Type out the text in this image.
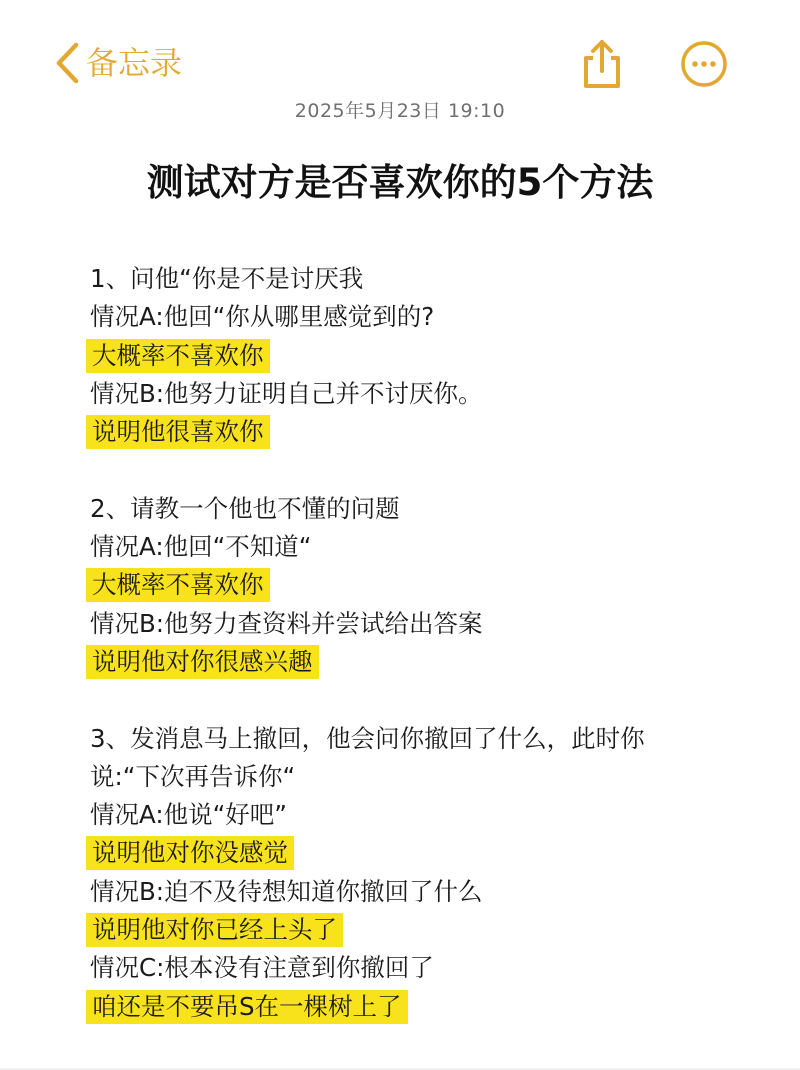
备忘录
2025年5月23日 19:10
测试对方是否喜欢你的5个方法
1、问他“你是不是讨厌我
情况A:他回“你从哪里感觉到的?
大概率不喜欢你
情况B:他努力证明自己并不讨厌你。
说明他很喜欢你
2、请教一个他也不懂的问题
情况A:他回“不知道“
大概率不喜欢你
情况B:他努力查资料并尝试给出答案
说明他对你很感兴趣
3、发消息马上撤回，他会问你撤回了什么，此时你
说:“下次再告诉你“
情况A:他说“好吧”
说明他对你没感觉
情况B:迫不及待想知道你撤回了什么
说明他对你已经上头了
情况C:根本没有注意到你撤回了
咱还是不要吊S在一棵树上了
